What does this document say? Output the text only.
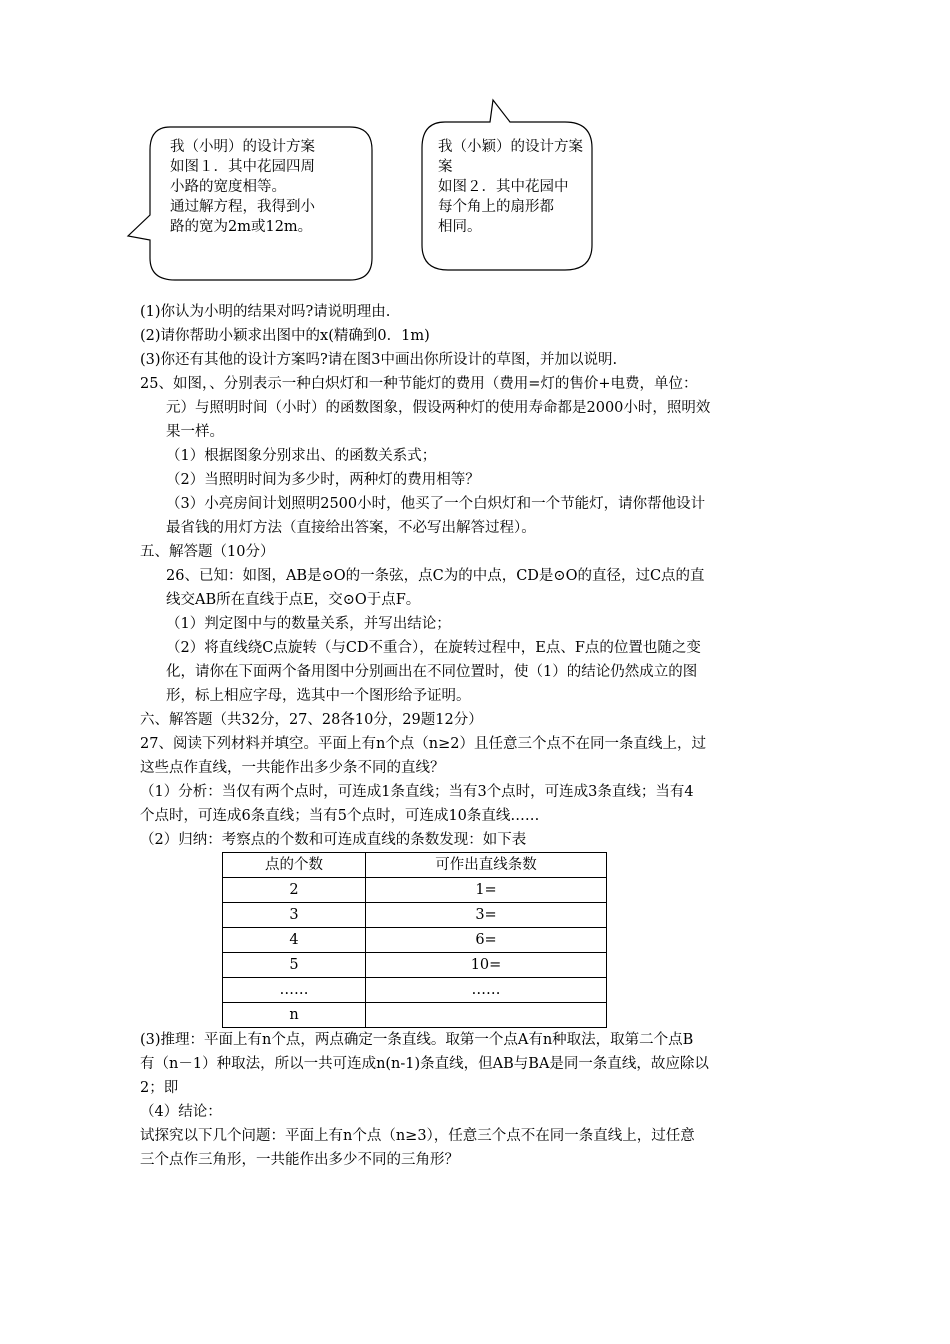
我（小明）的设计方案
如图１．其中花园四周
小路的宽度相等。
通过解方程，我得到小
路的宽为2m或12m。
我（小颖）的设计方案
案
如图２．其中花园中
每个角上的扇形都
相同。

(1)你认为小明的结果对吗?请说明理由.

(2)请你帮助小颖求出图中的x(精确到0．1m)

(3)你还有其他的设计方案吗?请在图3中画出你所设计的草图，并加以说明.

25、如图，、分别表示一种白炽灯和一种节能灯的费用（费用=灯的售价+电费，单位：

元）与照明时间（小时）的函数图象，假设两种灯的使用寿命都是2000小时，照明效

果一样。

（1）根据图象分别求出、的函数关系式；

（2）当照明时间为多少时，两种灯的费用相等？

（3）小亮房间计划照明2500小时，他买了一个白炽灯和一个节能灯，请你帮他设计

最省钱的用灯方法（直接给出答案，不必写出解答过程）。

五、解答题（10分）

26、已知：如图，AB是⊙O的一条弦，点C为的中点，CD是⊙O的直径，过C点的直

线交AB所在直线于点E，交⊙O于点F。

（1）判定图中与的数量关系，并写出结论；

（2）将直线绕C点旋转（与CD不重合），在旋转过程中，E点、F点的位置也随之变

化，请你在下面两个备用图中分别画出在不同位置时，使（1）的结论仍然成立的图

形，标上相应字母，选其中一个图形给予证明。

六、解答题（共32分，27、28各10分，29题12分）

27、阅读下列材料并填空。平面上有n个点（n≥2）且任意三个点不在同一条直线上，过

这些点作直线，一共能作出多少条不同的直线？

（1）分析：当仅有两个点时，可连成1条直线；当有3个点时，可连成3条直线；当有4

个点时，可连成6条直线；当有5个点时，可连成10条直线……

（2）归纳：考察点的个数和可连成直线的条数发现：如下表

点的个数	可作出直线条数
2	1=
3	3=
4	6=
5	10=
……	……
n	

(3)推理：平面上有n个点，两点确定一条直线。取第一个点A有n种取法，取第二个点B

有（n－1）种取法，所以一共可连成n(n-1)条直线，但AB与BA是同一条直线，故应除以

2；即

（4）结论：

试探究以下几个问题：平面上有n个点（n≥3），任意三个点不在同一条直线上，过任意

三个点作三角形，一共能作出多少不同的三角形？
